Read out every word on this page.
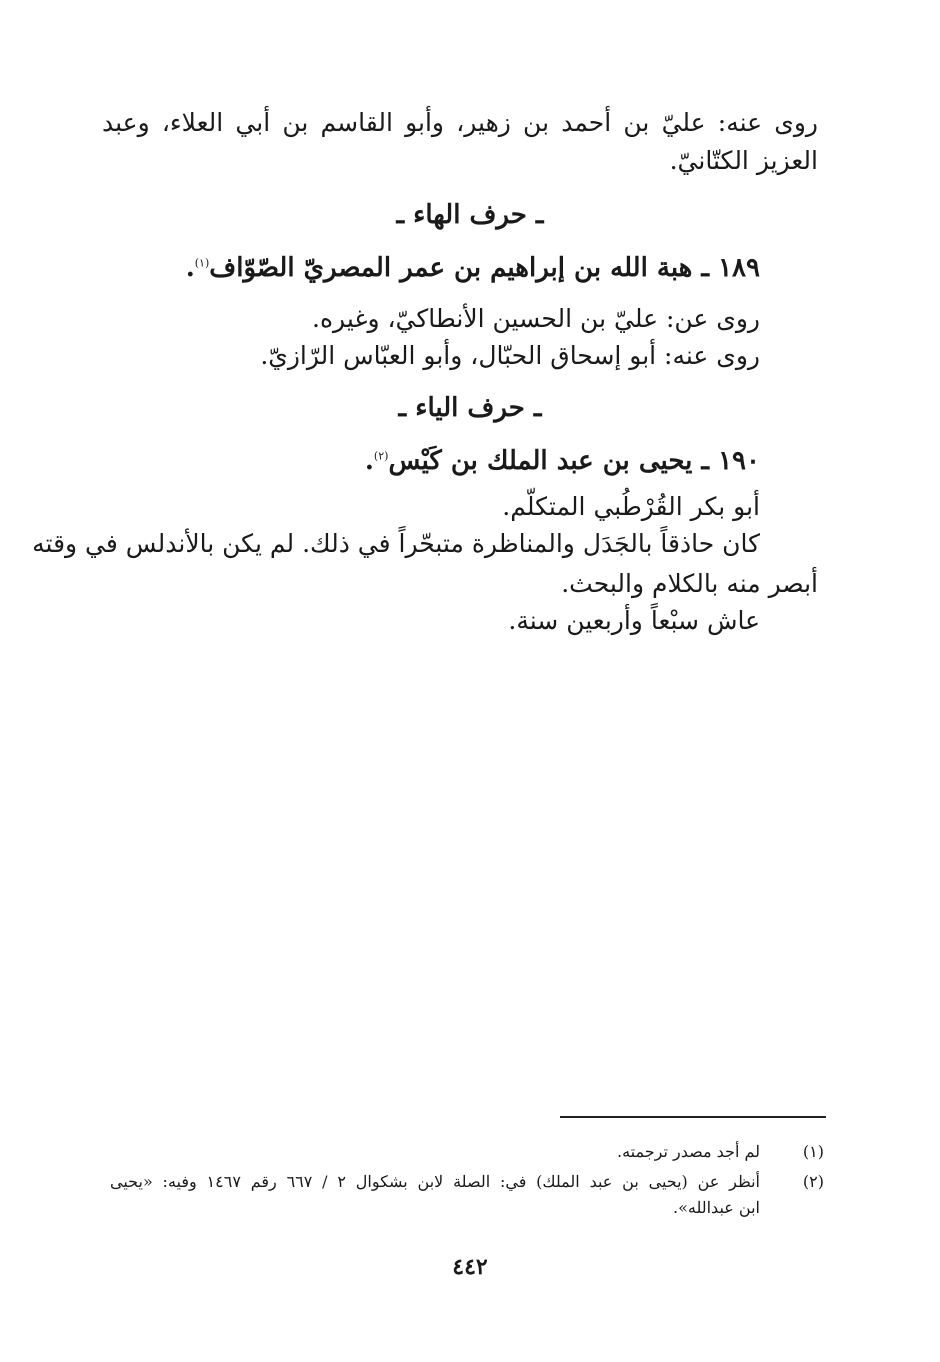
روى عنه: عليّ بن أحمد بن زهير، وأبو القاسم بن أبي العلاء، وعبد
العزيز الكتّانيّ.
ـ حرف الهاء ـ
١٨٩ ـ هبة الله بن إبراهيم بن عمر المصريّ الصّوّاف$^{(١)}$.
روى عن: عليّ بن الحسين الأنطاكيّ، وغيره.
روى عنه: أبو إسحاق الحبّال، وأبو العبّاس الرّازيّ.
ـ حرف الياء ـ
١٩٠ ـ يحيى بن عبد الملك بن كَيْس$^{(٢)}$.
أبو بكر القُرْطُبي المتكلّم.
كان حاذقاً بالجَدَل والمناظرة متبحّراً في ذلك. لم يكن بالأندلس في وقته
أبصر منه بالكلام والبحث.
عاش سبْعاً وأربعين سنة.
(١)
لم أجد مصدر ترجمته.
(٢)
أنظر عن (يحيى بن عبد الملك) في: الصلة لابن بشكوال ٢ / ٦٦٧ رقم ١٤٦٧ وفيه: «يحيى
ابن عبدالله».
٤٤٢
